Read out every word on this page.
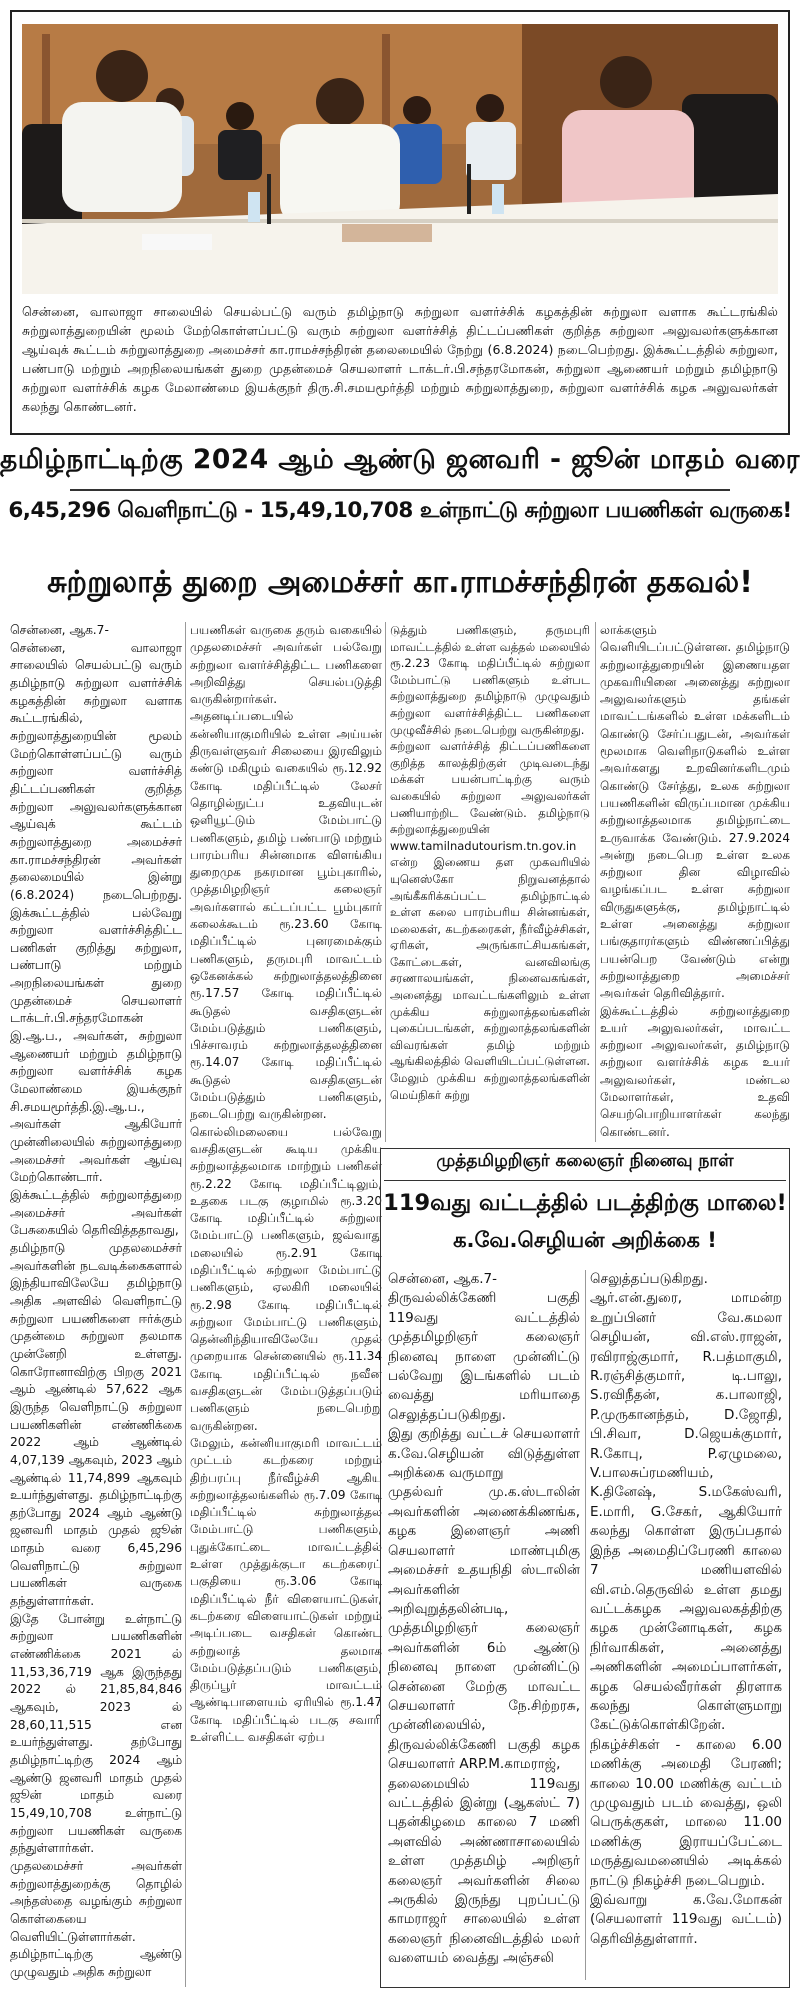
சென்னை, வாலாஜா சாலையில் செயல்பட்டு வரும் தமிழ்நாடு சுற்றுலா வளர்ச்சிக் கழகத்தின் சுற்றுலா வளாக கூட்டரங்கில் சுற்றுலாத்துறையின் மூலம் மேற்கொள்ளப்பட்டு வரும் சுற்றுலா வளர்ச்சித் திட்டப்பணிகள் குறித்த சுற்றுலா அலுவலர்களுக்கான ஆய்வுக் கூட்டம் சுற்றுலாத்துறை அமைச்சர் கா.ராமச்சந்திரன் தலைமையில் நேற்று (6.8.2024) நடைபெற்றது. இக்கூட்டத்தில் சுற்றுலா, பண்பாடு மற்றும் அறநிலையங்கள் துறை முதன்மைச் செயலாளர் டாக்டர்.பி.சந்தரமோகன், சுற்றுலா ஆணையர் மற்றும் தமிழ்நாடு சுற்றுலா வளர்ச்சிக் கழக மேலாண்மை இயக்குநர் திரு.சி.சமயமூர்த்தி மற்றும் சுற்றுலாத்துறை, சுற்றுலா வளர்ச்சிக் கழக அலுவலர்கள் கலந்து கொண்டனர்.
தமிழ்நாட்டிற்கு 2024 ஆம் ஆண்டு ஜனவரி - ஜூன் மாதம் வரை
6,45,296 வெளிநாட்டு - 15,49,10,708 உள்நாட்டு சுற்றுலா பயணிகள் வருகை!
சுற்றுலாத் துறை அமைச்சர் கா.ராமச்சந்திரன் தகவல்!
சென்னை, ஆக.7-
சென்னை, வாலாஜா சாலையில் செயல்பட்டு வரும் தமிழ்நாடு சுற்றுலா வளர்ச்சிக் கழகத்தின் சுற்றுலா வளாக கூட்டரங்கில், சுற்றுலாத்துறையின் மூலம் மேற்கொள்ளப்பட்டு வரும் சுற்றுலா வளர்ச்சித் திட்டப்பணிகள் குறித்த சுற்றுலா அலுவலர்களுக்கான ஆய்வுக் கூட்டம் சுற்றுலாத்துறை அமைச்சர் கா.ராமச்சந்திரன் அவர்கள் தலைமையில் இன்று (6.8.2024) நடைபெற்றது. இக்கூட்டத்தில் பல்வேறு சுற்றுலா வளர்ச்சித்திட்ட பணிகள் குறித்து சுற்றுலா, பண்பாடு மற்றும் அறநிலையங்கள் துறை முதன்மைச் செயலாளர் டாக்டர்.பி.சந்தரமோகன் இ.ஆ.ப., அவர்கள், சுற்றுலா ஆணையர் மற்றும் தமிழ்நாடு சுற்றுலா வளர்ச்சிக் கழக மேலாண்மை இயக்குநர் சி.சமயமூர்த்தி.இ.ஆ.ப., அவர்கள் ஆகியோர் முன்னிலையில் சுற்றுலாத்துறை அமைச்சர் அவர்கள் ஆய்வு மேற்கொண்டார்.
இக்கூட்டத்தில் சுற்றுலாத்துறை அமைச்சர் அவர்கள் பேசுகையில் தெரிவித்ததாவது,
தமிழ்நாடு முதலமைச்சர் அவர்களின் நடவடிக்கைகளால் இந்தியாவிலேயே தமிழ்நாடு அதிக அளவில் வெளிநாட்டு சுற்றுலா பயணிகளை ஈர்க்கும் முதன்மை சுற்றுலா தலமாக முன்னேறி உள்ளது. கொரோனாவிற்கு பிறகு 2021 ஆம் ஆண்டில் 57,622 ஆக இருந்த வெளிநாட்டு சுற்றுலா பயணிகளின் எண்ணிக்கை 2022 ஆம் ஆண்டில் 4,07,139 ஆகவும், 2023 ஆம் ஆண்டில் 11,74,899 ஆகவும் உயர்ந்துள்ளது. தமிழ்நாட்டிற்கு தற்போது 2024 ஆம் ஆண்டு ஜனவரி மாதம் முதல் ஜூன் மாதம் வரை 6,45,296 வெளிநாட்டு சுற்றுலா பயணிகள் வருகை தந்துள்ளார்கள்.
இதே போன்று உள்நாட்டு சுற்றுலா பயணிகளின் எண்ணிக்கை 2021 ல் 11,53,36,719 ஆக இருந்தது 2022 ல் 21,85,84,846 ஆகவும், 2023 ல் 28,60,11,515 என உயர்ந்துள்ளது. தற்போது தமிழ்நாட்டிற்கு 2024 ஆம் ஆண்டு ஜனவரி மாதம் முதல் ஜூன் மாதம் வரை 15,49,10,708 உள்நாட்டு சுற்றுலா பயணிகள் வருகை தந்துள்ளார்கள்.
முதலமைச்சர் அவர்கள் சுற்றுலாத்துறைக்கு தொழில் அந்தஸ்தை வழங்கும் சுற்றுலா கொள்கையை வெளியிட்டுள்ளார்கள்.
தமிழ்நாட்டிற்கு ஆண்டு முழுவதும் அதிக சுற்றுலா
பயணிகள் வருகை தரும் வகையில் முதலமைச்சர் அவர்கள் பல்வேறு சுற்றுலா வளர்ச்சித்திட்ட பணிகளை அறிவித்து செயல்படுத்தி வருகின்றார்கள். அதனடிப்படையில் கன்னியாகுமரியில் உள்ள அய்யன் திருவள்ளுவர் சிலையை இரவிலும் கண்டு மகிழும் வகையில் ரூ.12.92 கோடி மதிப்பீட்டில் லேசர் தொழில்நுட்ப உதவியுடன் ஒளியூட்டும் மேம்பாட்டு பணிகளும், தமிழ் பண்பாடு மற்றும் பாரம்பரிய சின்னமாக விளங்கிய துறைமுக நகரமான பூம்புகாரில், முத்தமிழறிஞர் கலைஞர் அவர்களால் கட்டப்பட்ட பூம்புகார் கலைக்கூடம் ரூ.23.60 கோடி மதிப்பீட்டில் புனரமைக்கும் பணிகளும், தருமபுரி மாவட்டம் ஒகேனக்கல் சுற்றுலாத்தலத்தினை ரூ.17.57 கோடி மதிப்பீட்டில் கூடுதல் வசதிகளுடன் மேம்படுத்தும் பணிகளும், பிச்சாவரம் சுற்றுலாத்தலத்தினை ரூ.14.07 கோடி மதிப்பீட்டில் கூடுதல் வசதிகளுடன் மேம்படுத்தும் பணிகளும், நடைபெற்று வருகின்றன.
கொல்லிமலையை பல்வேறு வசதிகளுடன் கூடிய முக்கிய சுற்றுலாத்தலமாக மாற்றும் பணிகள் ரூ.2.22 கோடி மதிப்பீட்டிலும், உதகை படகு குழாமில் ரூ.3.20 கோடி மதிப்பீட்டில் சுற்றுலா மேம்பாட்டு பணிகளும், ஜவ்வாது மலையில் ரூ.2.91 கோடி மதிப்பீட்டில் சுற்றுலா மேம்பாட்டு பணிகளும், ஏலகிரி மலையில் ரூ.2.98 கோடி மதிப்பீட்டில் சுற்றுலா மேம்பாட்டு பணிகளும், தென்னிந்தியாவிலேயே முதல் முறையாக சென்னையில் ரூ.11.34 கோடி மதிப்பீட்டில் நவீன வசதிகளுடன் மேம்படுத்தப்படும் பணிகளும் நடைபெற்று வருகின்றன.
மேலும், கன்னியாகுமரி மாவட்டம் முட்டம் கடற்கரை மற்றும் திற்பரப்பு நீர்வீழ்ச்சி ஆகிய சுற்றுலாத்தலங்களில் ரூ.7.09 கோடி மதிப்பீட்டில் சுற்றுலாத்தல மேம்பாட்டு பணிகளும், புதுக்கோட்டை மாவட்டத்தில் உள்ள முத்துக்குடா கடற்கரைப் பகுதியை ரூ.3.06 கோடி மதிப்பீட்டில் நீர் விளையாட்டுகள், கடற்கரை விளையாட்டுகள் மற்றும் அடிப்படை வசதிகள் கொண்ட சுற்றுலாத் தலமாக மேம்படுத்தப்படும் பணிகளும், திருப்பூர் மாவட்டம் ஆண்டிபாளையம் ஏரியில் ரூ.1.47 கோடி மதிப்பீட்டில் படகு சவாரி உள்ளிட்ட வசதிகள் ஏற்ப
டுத்தும் பணிகளும், தருமபுரி மாவட்டத்தில் உள்ள வத்தல் மலையில் ரூ.2.23 கோடி மதிப்பீட்டில் சுற்றுலா மேம்பாட்டு பணிகளும் உள்பட சுற்றுலாத்துறை தமிழ்நாடு முழுவதும் சுற்றுலா வளர்ச்சித்திட்ட பணிகளை முழுவீச்சில் நடைபெற்று வருகின்றது.
சுற்றுலா வளர்ச்சித் திட்டப்பணிகளை குறித்த காலத்திற்குள் முடிவடைந்து மக்கள் பயன்பாட்டிற்கு வரும் வகையில் சுற்றுலா அலுவலர்கள் பணியாற்றிட வேண்டும். தமிழ்நாடு சுற்றுலாத்துறையின் www.tamilnadutourism.tn.gov.in என்ற இணைய தள முகவரியில் யுனெஸ்கோ நிறுவனத்தால் அங்கீகரிக்கப்பட்ட தமிழ்நாட்டில் உள்ள கலை பாரம்பரிய சின்னங்கள், மலைகள், கடற்கரைகள், நீர்வீழ்ச்சிகள், ஏரிகள், அருங்காட்சியகங்கள், கோட்டைகள், வனவிலங்கு சரணாலயங்கள், நினைவகங்கள், அனைத்து மாவட்டங்களிலும் உள்ள முக்கிய சுற்றுலாத்தலங்களின் புகைப்படங்கள், சுற்றுலாத்தலங்களின் விவரங்கள் தமிழ் மற்றும் ஆங்கிலத்தில் வெளியிடப்பட்டுள்ளன. மேலும் முக்கிய சுற்றுலாத்தலங்களின் மெய்நிகர் சுற்று
லாக்களும் வெளியிடப்பட்டுள்ளன. தமிழ்நாடு சுற்றுலாத்துறையின் இணையதள முகவரியினை அனைத்து சுற்றுலா அலுவலர்களும் தங்கள் மாவட்டங்களில் உள்ள மக்களிடம் கொண்டு சேர்ப்பதுடன், அவர்கள் மூலமாக வெளிநாடுகளில் உள்ள அவர்களது உறவினர்களிடமும் கொண்டு சேர்த்து, உலக சுற்றுலா பயணிகளின் விருப்பமான முக்கிய சுற்றுலாத்தலமாக தமிழ்நாட்டை உருவாக்க வேண்டும். 27.9.2024 அன்று நடைபெற உள்ள உலக சுற்றுலா தின விழாவில் வழங்கப்பட உள்ள சுற்றுலா விருதுகளுக்கு, தமிழ்நாட்டில் உள்ள அனைத்து சுற்றுலா பங்குதாரர்களும் விண்ணப்பித்து பயன்பெற வேண்டும் என்று சுற்றுலாத்துறை அமைச்சர் அவர்கள் தெரிவித்தார்.
இக்கூட்டத்தில் சுற்றுலாத்துறை உயர் அலுவலர்கள், மாவட்ட சுற்றுலா அலுவலர்கள், தமிழ்நாடு சுற்றுலா வளர்ச்சிக் கழக உயர் அலுவலர்கள், மண்டல மேலாளர்கள், உதவி செயற்பொறியாளர்கள் கலந்து கொண்டனர்.
முத்தமிழறிஞர் கலைஞர் நினைவு நாள்
119வது வட்டத்தில் படத்திற்கு மாலை!
க.வே.செழியன் அறிக்கை !
சென்னை, ஆக.7-
திருவல்லிக்கேணி பகுதி 119வது வட்டத்தில் முத்தமிழறிஞர் கலைஞர் நினைவு நாளை முன்னிட்டு பல்வேறு இடங்களில் படம் வைத்து மரியாதை செலுத்தப்படுகிறது.
இது குறித்து வட்டச் செயலாளர் க.வே.செழியன் விடுத்துள்ள அறிக்கை வருமாறு
முதல்வர் மு.க.ஸ்டாலின் அவர்களின் அணைக்கிணங்க, கழக இளைஞர் அணி செயலாளர் மாண்புமிகு அமைச்சர் உதயநிதி ஸ்டாலின் அவர்களின் அறிவுறுத்தலின்படி, முத்தமிழறிஞர் கலைஞர் அவர்களின் 6ம் ஆண்டு நினைவு நாளை முன்னிட்டு சென்னை மேற்கு மாவட்ட செயலாளர் நே.சிற்றரசு, முன்னிலையில், திருவல்லிக்கேணி பகுதி கழக செயலாளர் ARP.M.காமராஜ்,
தலைமையில் 119வது வட்டத்தில் இன்று (ஆகஸ்ட் 7) புதன்கிழமை காலை 7 மணி அளவில் அண்ணாசாலையில் உள்ள முத்தமிழ் அறிஞர் கலைஞர் அவர்களின் சிலை அருகில் இருந்து புறப்பட்டு காமராஜர் சாலையில் உள்ள கலைஞர் நினைவிடத்தில் மலர் வளையம் வைத்து அஞ்சலி
செலுத்தப்படுகிறது.
ஆர்.என்.துரை, மாமன்ற உறுப்பினர் வே.கமலா செழியன், வி.எஸ்.ராஜன், ரவிராஜ்குமார், R.பத்மாகுமி, R.ரஞ்சித்குமார், டி.பாலு, S.ரவிநீதன், க.பாலாஜி, P.முருகானந்தம், D.ஜோதி, பி.சிவா, D.ஜெயக்குமார், R.கோபு, P.ஏழுமலை, V.பாலசுப்ரமணியம், K.தினேஷ், S.மகேஸ்வரி, E.மாரி, G.சேகர், ஆகியோர் கலந்து கொள்ள இருப்பதால் இந்த அமைதிப்பேரணி காலை 7 மணியளவில் வி.எம்.தெருவில் உள்ள தமது வட்டக்கழக அலுவலகத்திற்கு கழக முன்னோடிகள், கழக நிர்வாகிகள், அனைத்து அணிகளின் அமைப்பாளர்கள், கழக செயல்வீரர்கள் திரளாக கலந்து கொள்ளுமாறு கேட்டுக்கொள்கிறேன்.
நிகழ்ச்சிகள் - காலை 6.00 மணிக்கு அமைதி பேரணி; காலை 10.00 மணிக்கு வட்டம் முழுவதும் படம் வைத்து, ஒலி பெருக்குகள், மாலை 11.00 மணிக்கு இராயப்பேட்டை மருத்துவமனையில் அடிக்கல் நாட்டு நிகழ்ச்சி நடைபெறும்.
இவ்வாறு க.வே.மோகன் (செயலாளர் 119வது வட்டம்) தெரிவித்துள்ளார்.
